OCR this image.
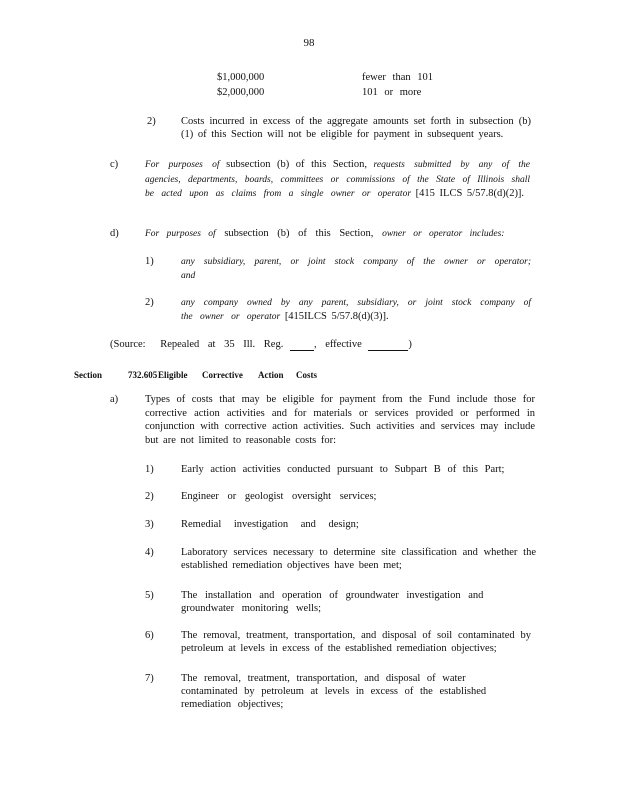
98
$1,000,000	fewer than 101
$2,000,000	101 or more
2) Costs incurred in excess of the aggregate amounts set forth in subsection (b)(1) of this Section will not be eligible for payment in subsequent years.
c)	For purposes of subsection (b) of this Section, requests submitted by any of the agencies, departments, boards, committees or commissions of the State of Illinois shall be acted upon as claims from a single owner or operator [415 ILCS 5/57.8(d)(2)].
d)	For purposes of subsection (b) of this Section, owner or operator includes:
1)	any subsidiary, parent, or joint stock company of the owner or operator; and
2)	any company owned by any parent, subsidiary, or joint stock company of the owner or operator [415ILCS 5/57.8(d)(3)].
(Source: Repealed at 35 Ill. Reg.	, effective	)
Section	732.605 Eligible Corrective Action Costs
a)	Types of costs that may be eligible for payment from the Fund include those for corrective action activities and for materials or services provided or performed in conjunction with corrective action activities. Such activities and services may include but are not limited to reasonable costs for:
1)	Early action activities conducted pursuant to Subpart B of this Part;
2)	Engineer or geologist oversight services;
3)	Remedial investigation and design;
4)	Laboratory services necessary to determine site classification and whether the established remediation objectives have been met;
5)	The installation and operation of groundwater investigation and groundwater monitoring wells;
6)	The removal, treatment, transportation, and disposal of soil contaminated by petroleum at levels in excess of the established remediation objectives;
7)	The removal, treatment, transportation, and disposal of water contaminated by petroleum at levels in excess of the established remediation objectives;
